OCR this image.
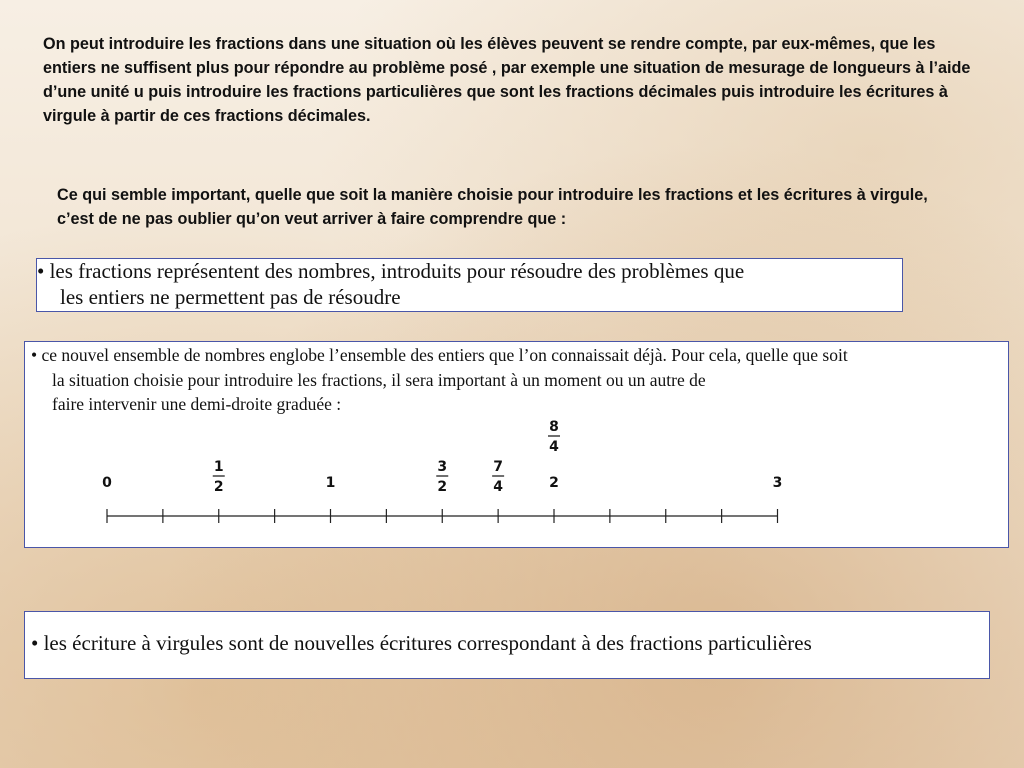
On peut introduire les fractions dans une situation où les élèves peuvent se rendre compte, par eux-mêmes, que les entiers ne suffisent plus pour répondre au problème posé , par exemple une situation de mesurage de longueurs à l’aide d’une unité u puis introduire les fractions particulières que sont les fractions décimales puis introduire les écritures à virgule à partir de ces fractions décimales.
Ce qui semble important, quelle que soit la manière choisie pour introduire les fractions et les écritures à virgule, c’est de ne pas oublier qu’on veut arriver à faire comprendre que :
• les fractions représentent des nombres, introduits pour résoudre des problèmes que
les entiers ne permettent pas de résoudre
• ce nouvel ensemble de nombres englobe l’ensemble des entiers que l’on connaissait déjà. Pour cela, quelle que soit
la situation choisie pour introduire les fractions, il sera important à un moment ou un autre de
faire intervenir une demi-droite graduée :
0
1
2	1
3
2
7
4	2
8
4
3
• les écriture à virgules sont de nouvelles écritures correspondant à des fractions particulières
